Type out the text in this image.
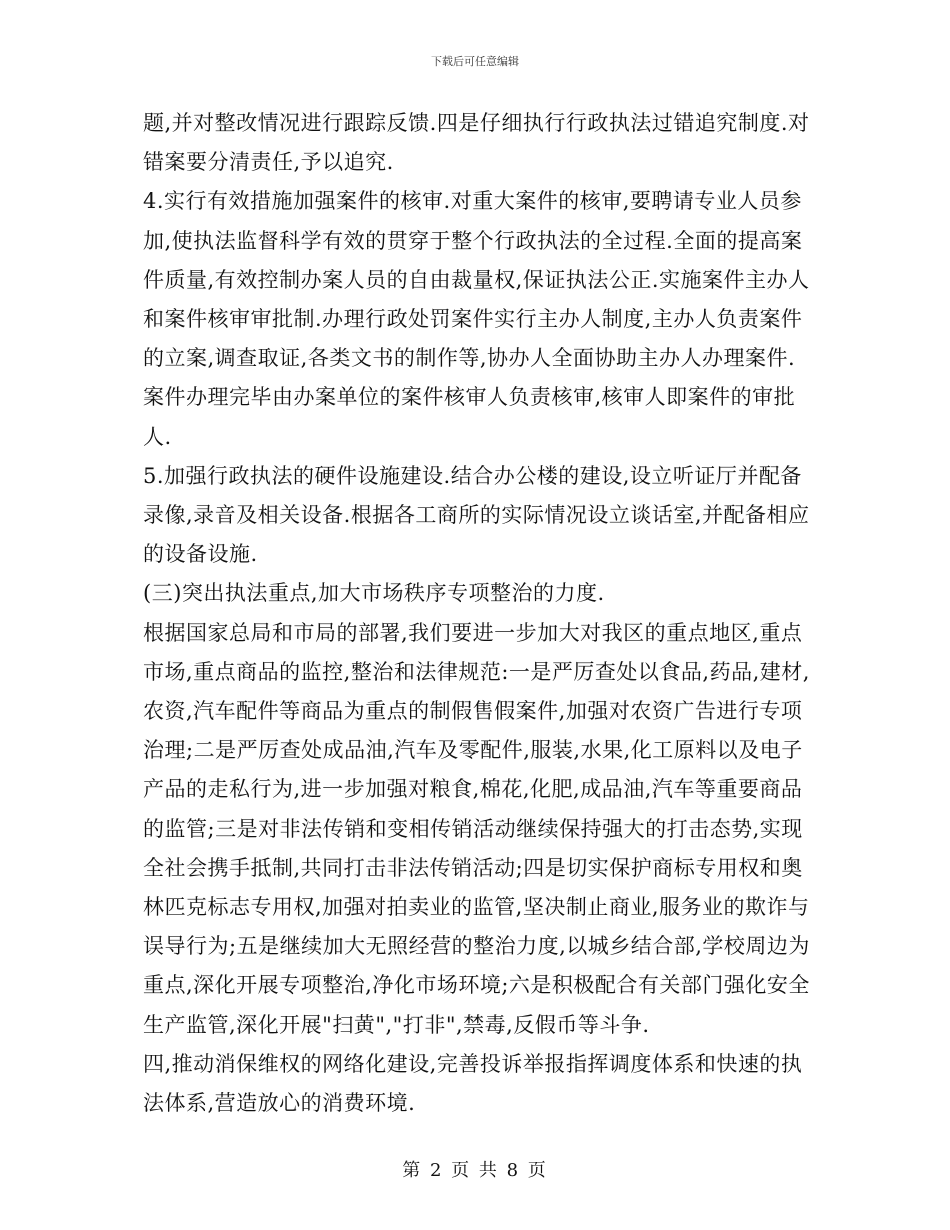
下载后可任意编辑

题,并对整改情况进行跟踪反馈.四是仔细执行行政执法过错追究制度.对错案要分清责任,予以追究.

4.实行有效措施加强案件的核审.对重大案件的核审,要聘请专业人员参加,使执法监督科学有效的贯穿于整个行政执法的全过程.全面的提高案件质量,有效控制办案人员的自由裁量权,保证执法公正.实施案件主办人和案件核审审批制.办理行政处罚案件实行主办人制度,主办人负责案件的立案,调查取证,各类文书的制作等,协办人全面协助主办人办理案件.案件办理完毕由办案单位的案件核审人负责核审,核审人即案件的审批人.

5.加强行政执法的硬件设施建设.结合办公楼的建设,设立听证厅并配备录像,录音及相关设备.根据各工商所的实际情况设立谈话室,并配备相应的设备设施.

(三)突出执法重点,加大市场秩序专项整治的力度.

根据国家总局和市局的部署,我们要进一步加大对我区的重点地区,重点市场,重点商品的监控,整治和法律规范:一是严厉查处以食品,药品,建材,农资,汽车配件等商品为重点的制假售假案件,加强对农资广告进行专项治理;二是严厉查处成品油,汽车及零配件,服装,水果,化工原料以及电子产品的走私行为,进一步加强对粮食,棉花,化肥,成品油,汽车等重要商品的监管;三是对非法传销和变相传销活动继续保持强大的打击态势,实现全社会携手抵制,共同打击非法传销活动;四是切实保护商标专用权和奥林匹克标志专用权,加强对拍卖业的监管,坚决制止商业,服务业的欺诈与误导行为;五是继续加大无照经营的整治力度,以城乡结合部,学校周边为重点,深化开展专项整治,净化市场环境;六是积极配合有关部门强化安全生产监管,深化开展"扫黄","打非",禁毒,反假币等斗争.

四,推动消保维权的网络化建设,完善投诉举报指挥调度体系和快速的执法体系,营造放心的消费环境.

第 2 页 共 8 页
